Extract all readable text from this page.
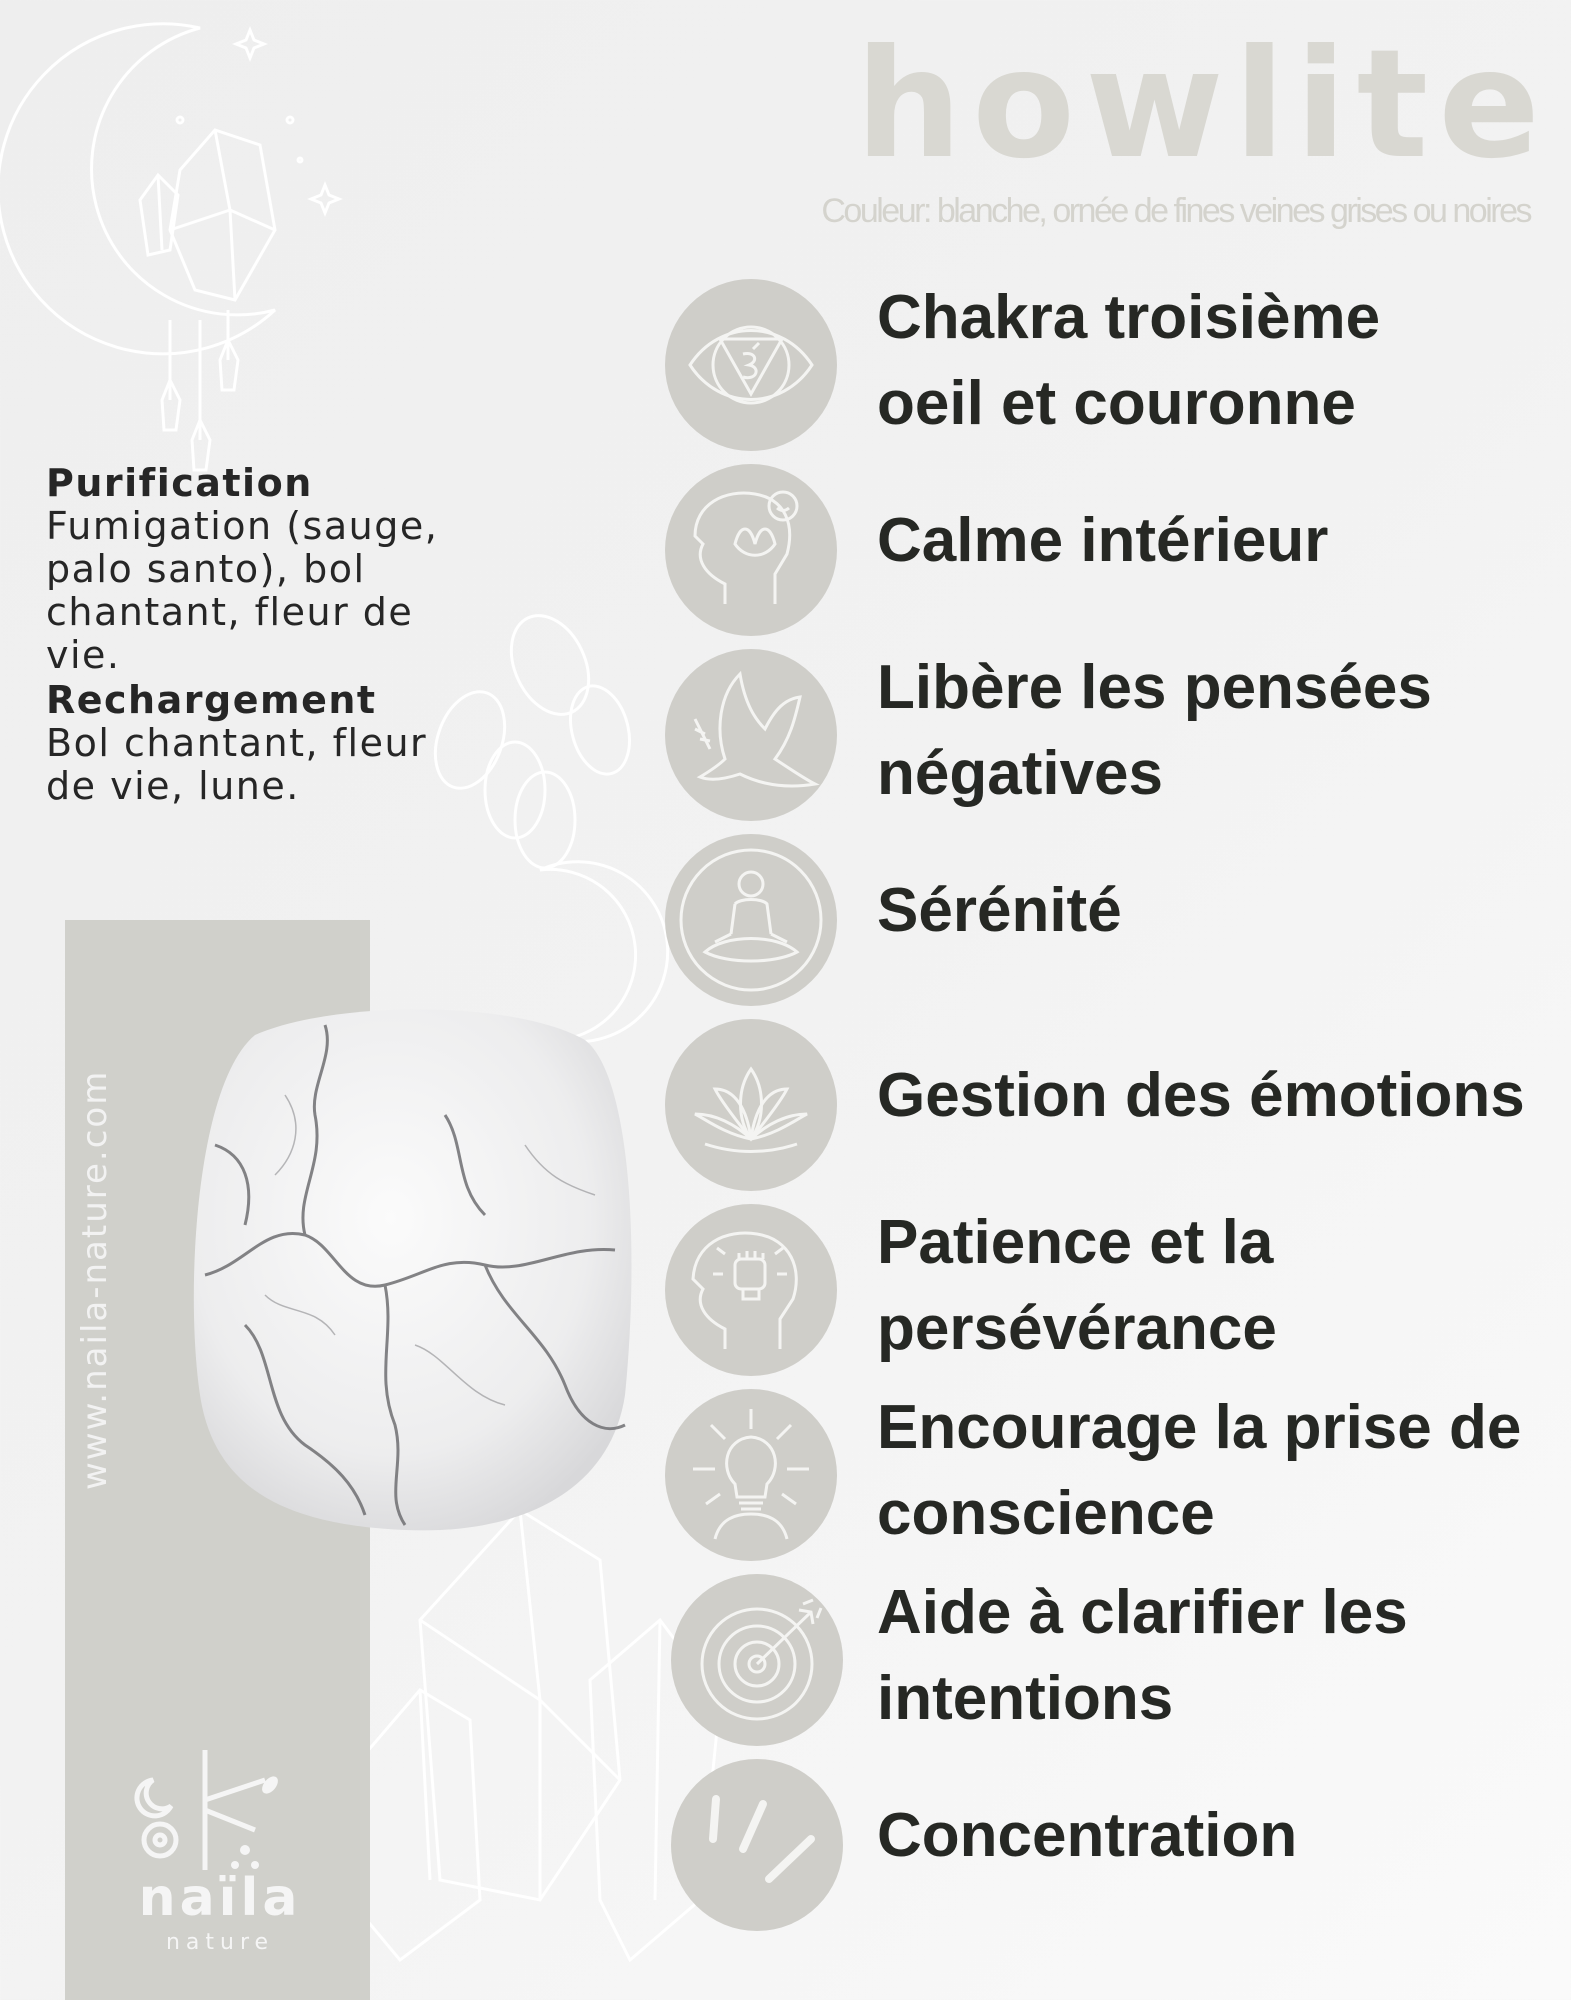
howlite
Couleur: blanche, ornée de fines veines grises ou noires
Purification
Fumigation (sauge, palo santo), bol chantant, fleur de vie.
Rechargement
Bol chantant, fleur de vie, lune.
www.naila-nature.com
naïla
nature
Chakra troisième
oeil et couronne
Calme intérieur
Libère les pensées
négatives
Sérénité
Gestion des émotions
Patience et la
persévérance
Encourage la prise de
conscience
Aide à clarifier les
intentions
Concentration
